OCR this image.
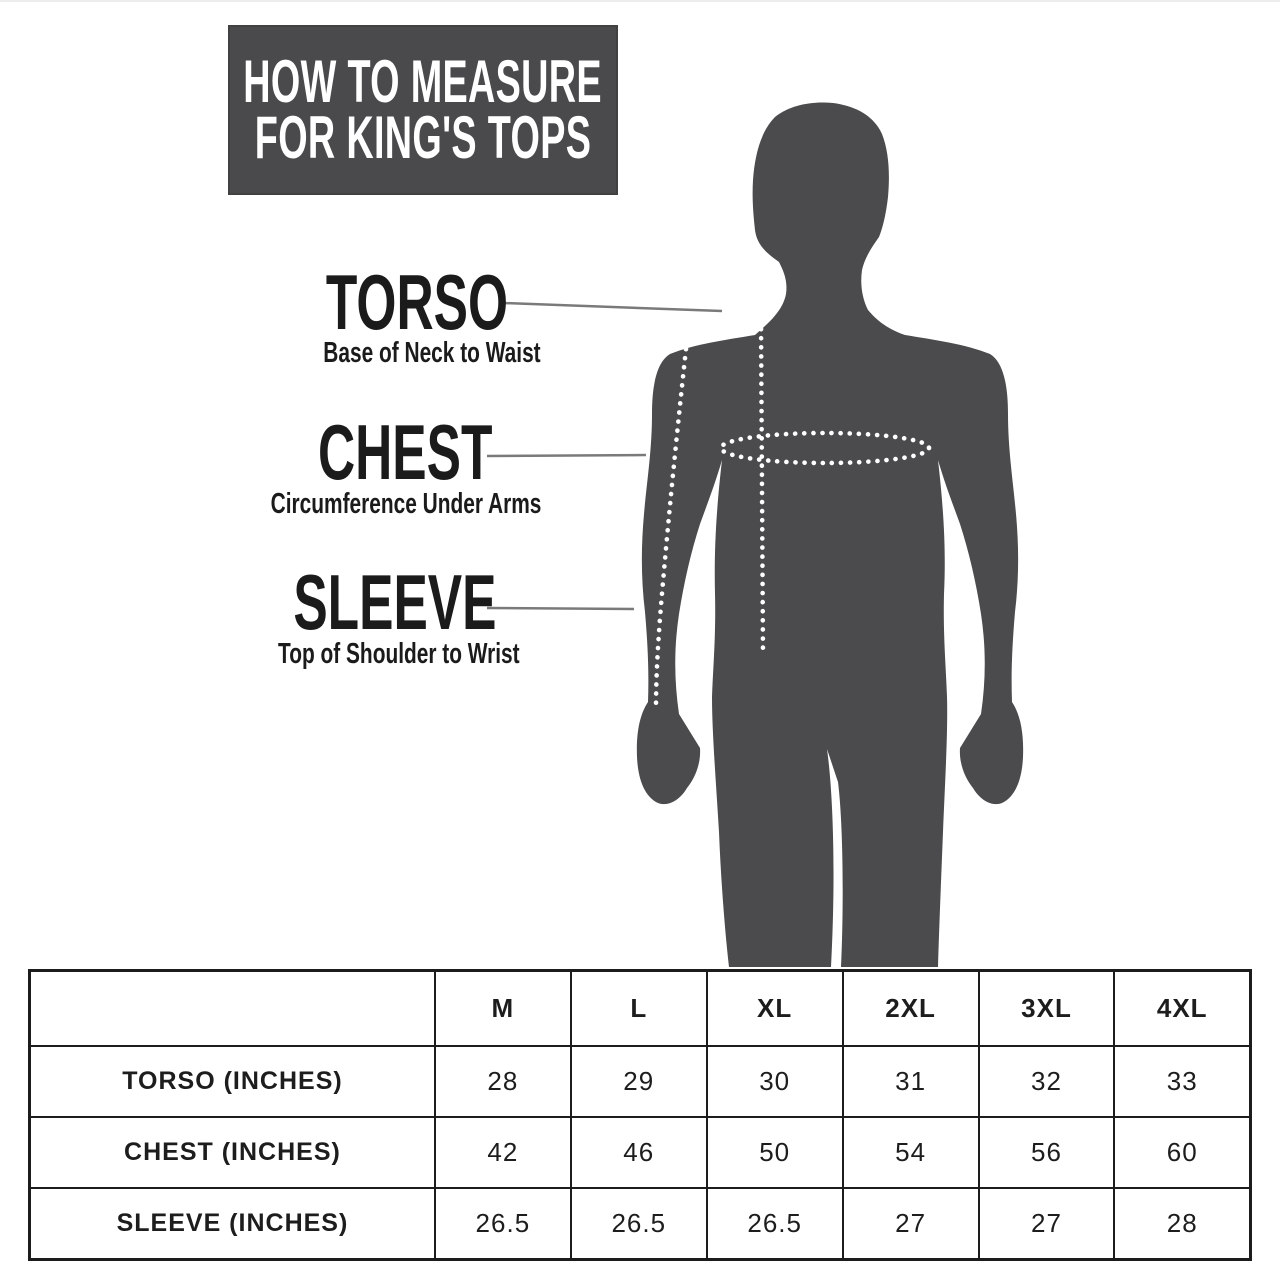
HOW TO MEASURE
FOR KING'S TOPS
TORSO
Base of Neck to Waist
CHEST
Circumference Under Arms
SLEEVE
Top of Shoulder to Wrist
	M	L	XL	2XL	3XL	4XL
TORSO (INCHES)	28	29	30	31	32	33
CHEST (INCHES)	42	46	50	54	56	60
SLEEVE (INCHES)	26.5	26.5	26.5	27	27	28
